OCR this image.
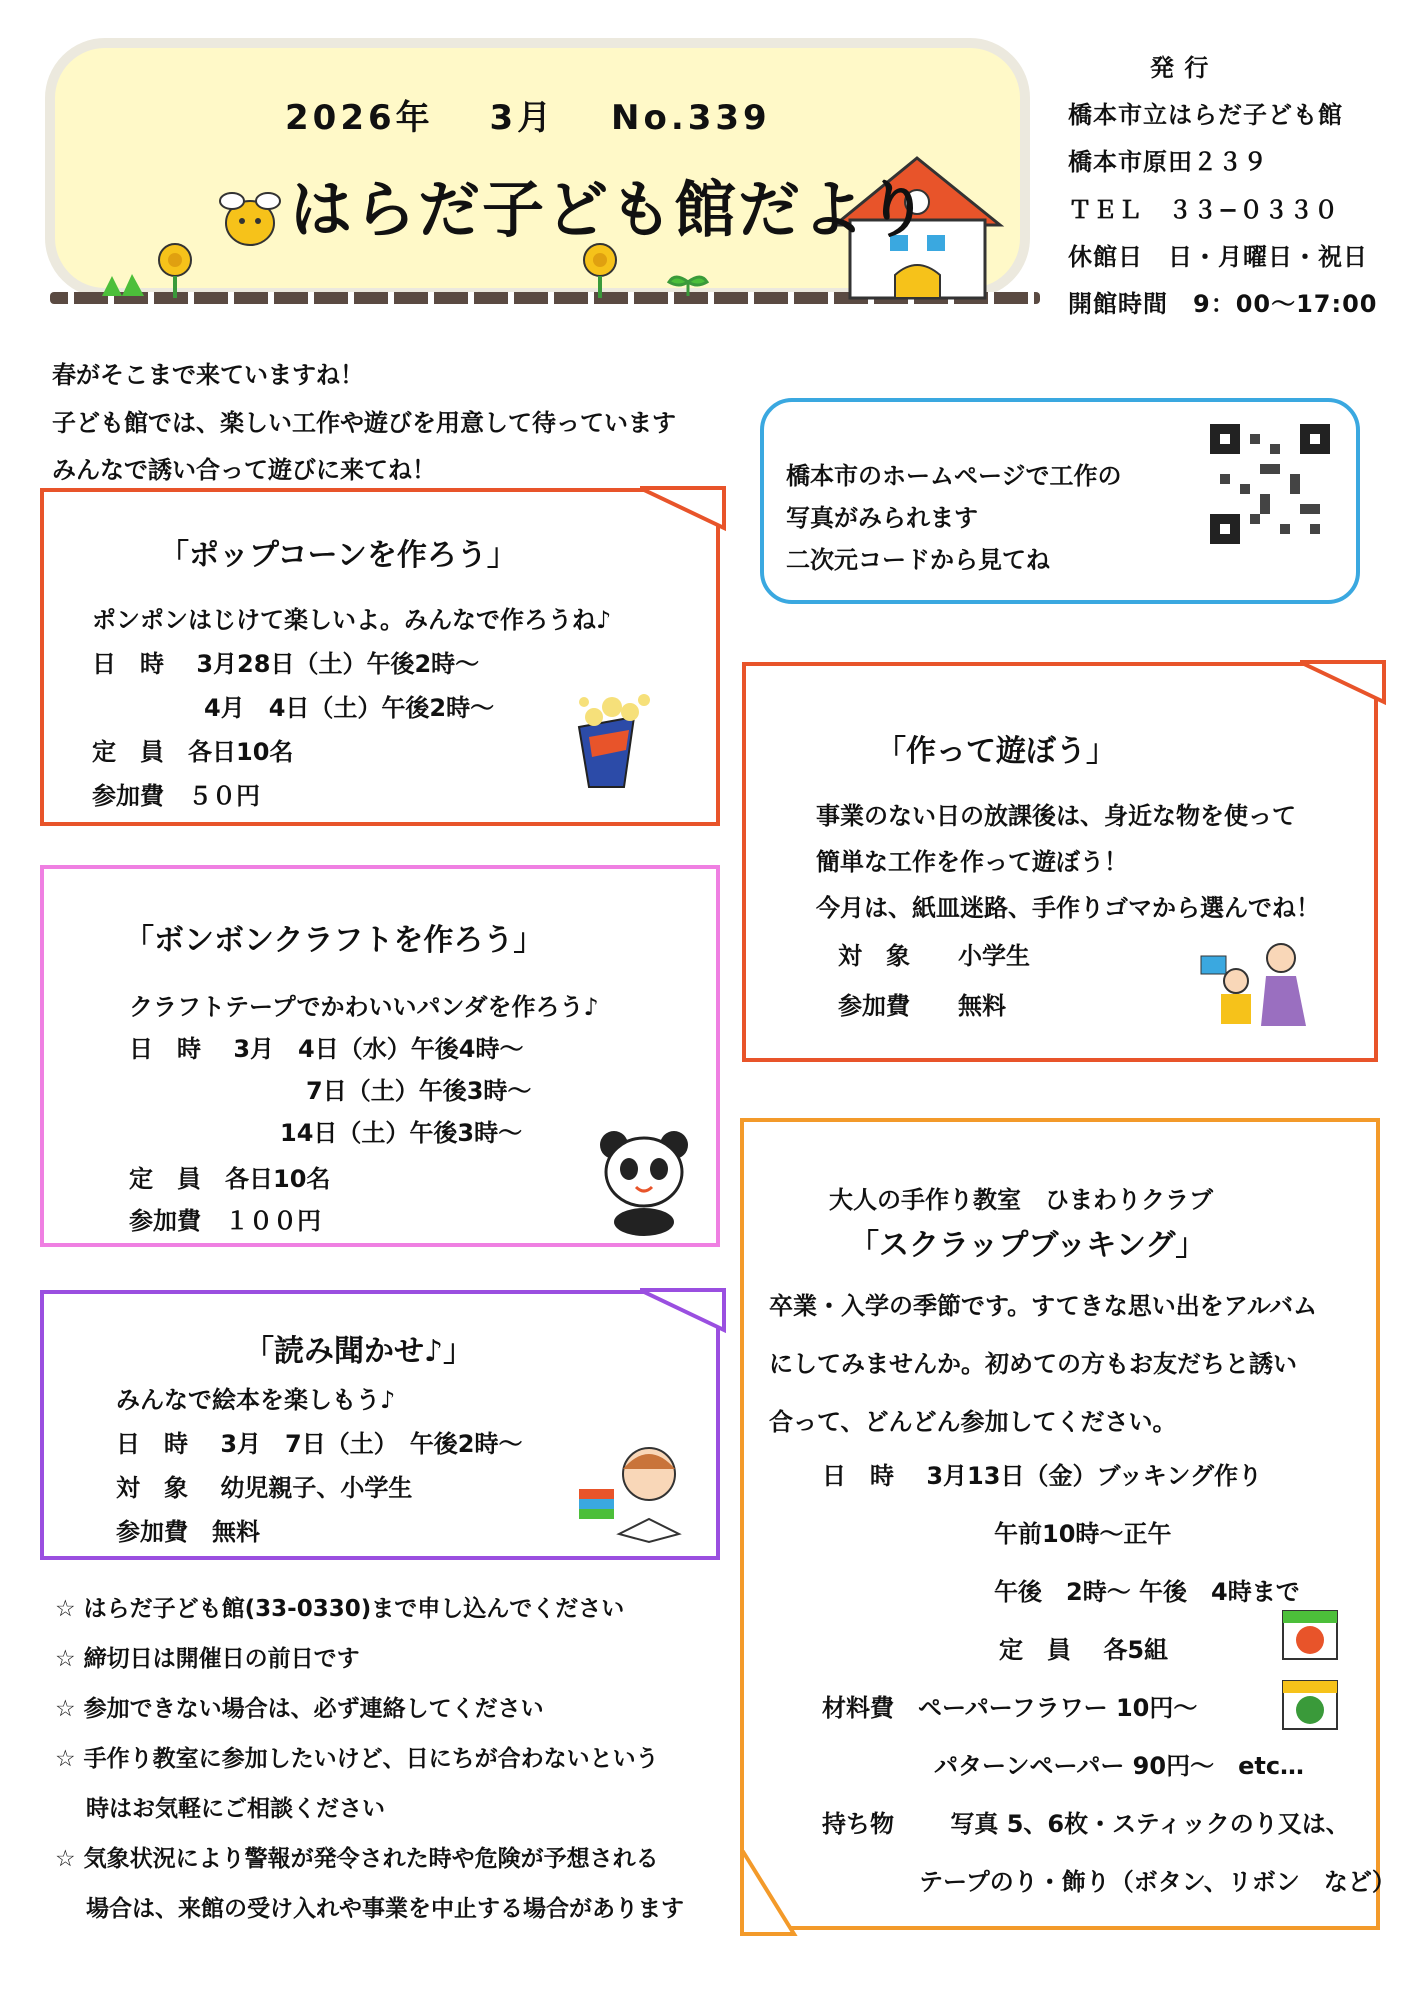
2026年 3月 No.339
はらだ子ども館だより
発 行
橋本市立はらだ子ども館
橋本市原田２３９
ＴＥＬ　３３−０３３０
休館日　日・月曜日・祝日
開館時間　9：00〜17:00
春がそこまで来ていますね！
子ども館では、楽しい工作や遊びを用意して待っています
みんなで誘い合って遊びに来てね！	橋本市のホームページで工作の
写真がみられます
二次元コードから見てね
「ポップコーンを作ろう」
ポンポンはじけて楽しいよ。みんなで作ろうね♪
日　時　 3月28日（土）午後2時〜
4月　4日（土）午後2時〜
定　員　各日10名
参加費　５０円
「ボンボンクラフトを作ろう」
クラフトテープでかわいいパンダを作ろう♪
日　時　 3月　4日（水）午後4時〜
7日（土）午後3時〜
14日（土）午後3時〜
定　員　各日10名
参加費　１００円
「読み聞かせ♪」
みんなで絵本を楽しもう♪
日　時　 3月　7日（土）　午後2時〜
対　象　 幼児親子、小学生
参加費　無料
「作って遊ぼう」
事業のない日の放課後は、身近な物を使って
簡単な工作を作って遊ぼう！
今月は、紙皿迷路、手作りゴマから選んでね！
対　象　　小学生
参加費　　無料
大人の手作り教室　ひまわりクラブ
「スクラップブッキング」
卒業・入学の季節です。すてきな思い出をアルバム
にしてみませんか。初めての方もお友だちと誘い
合って、どんどん参加してください。
日　時　 3月13日（金）ブッキング作り
午前10時〜正午
午後　2時〜 午後　4時まで
定　員　 各5組
材料費　ペーパーフラワー 10円〜
パターンペーパー 90円〜　etc…
持ち物　　 写真 5、6枚・スティックのり又は、
テープのり・飾り（ボタン、リボン　など）
☆ はらだ子ども館(33-0330)まで申し込んでください
☆ 締切日は開催日の前日です
☆ 参加できない場合は、必ず連絡してください
☆ 手作り教室に参加したいけど、日にちが合わないという
　 時はお気軽にご相談ください
☆ 気象状況により警報が発令された時や危険が予想される
　 場合は、来館の受け入れや事業を中止する場合があります
